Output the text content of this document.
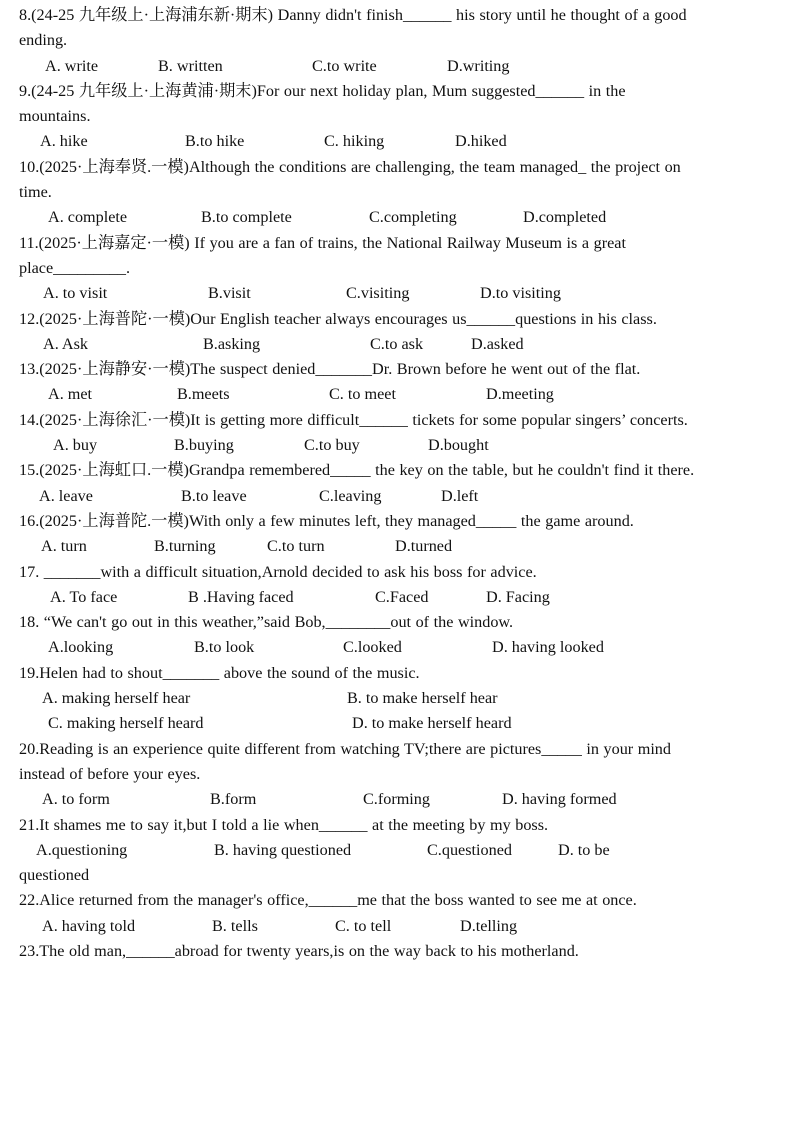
8.(24-25 九年级上·上海浦东新·期末) Danny didn't finish______ his story until he thought of a good ending.
A. write	B. written	C.to write	D.writing
9.(24-25 九年级上·上海黄浦·期末)For our next holiday plan, Mum suggested______ in the mountains.
A. hike	B.to hike	C. hiking	D.hiked
10.(2025·上海奉贤.一模)Although the conditions are challenging, the team managed_ the project on time.
A. complete	B.to complete	C.completing	D.completed
11.(2025·上海嘉定·一模) If you are a fan of trains, the National Railway Museum is a great place_________.
A. to visit	B.visit	C.visiting	D.to visiting
12.(2025·上海普陀·一模)Our English teacher always encourages us______questions in his class.
A. Ask	B.asking	C.to ask	D.asked
13.(2025·上海静安·一模)The suspect denied_______Dr. Brown before he went out of the flat.
A. met	B.meets	C. to meet	D.meeting
14.(2025·上海徐汇·一模)It is getting more difficult______ tickets for some popular singers’ concerts.
A. buy	B.buying	C.to buy	D.bought
15.(2025·上海虹口.一模)Grandpa remembered_____ the key on the table, but he couldn't find it there.
A. leave	B.to leave	C.leaving	D.left
16.(2025·上海普陀.一模)With only a few minutes left, they managed_____ the game around.
A. turn	B.turning	C.to turn	D.turned
17. _______with a difficult situation,Arnold decided to ask his boss for advice.
A. To face	B .Having faced	C.Faced	D. Facing
18. “We can't go out in this weather,”said Bob,________out of the window.
A.looking	B.to look	C.looked	D. having looked
19.Helen had to shout_______ above the sound of the music.
A. making herself hear	B. to make herself hear
C. making herself heard	D. to make herself heard
20.Reading is an experience quite different from watching TV;there are pictures_____ in your mind instead of before your eyes.
A. to form	B.form	C.forming	D. having formed
21.It shames me to say it,but I told a lie when______ at the meeting by my boss.
A.questioning	B. having questioned	C.questioned	D. to be
questioned
22.Alice returned from the manager's office,______me that the boss wanted to see me at once.
A. having told	B. tells	C. to tell	D.telling
23.The old man,______abroad for twenty years,is on the way back to his motherland.
